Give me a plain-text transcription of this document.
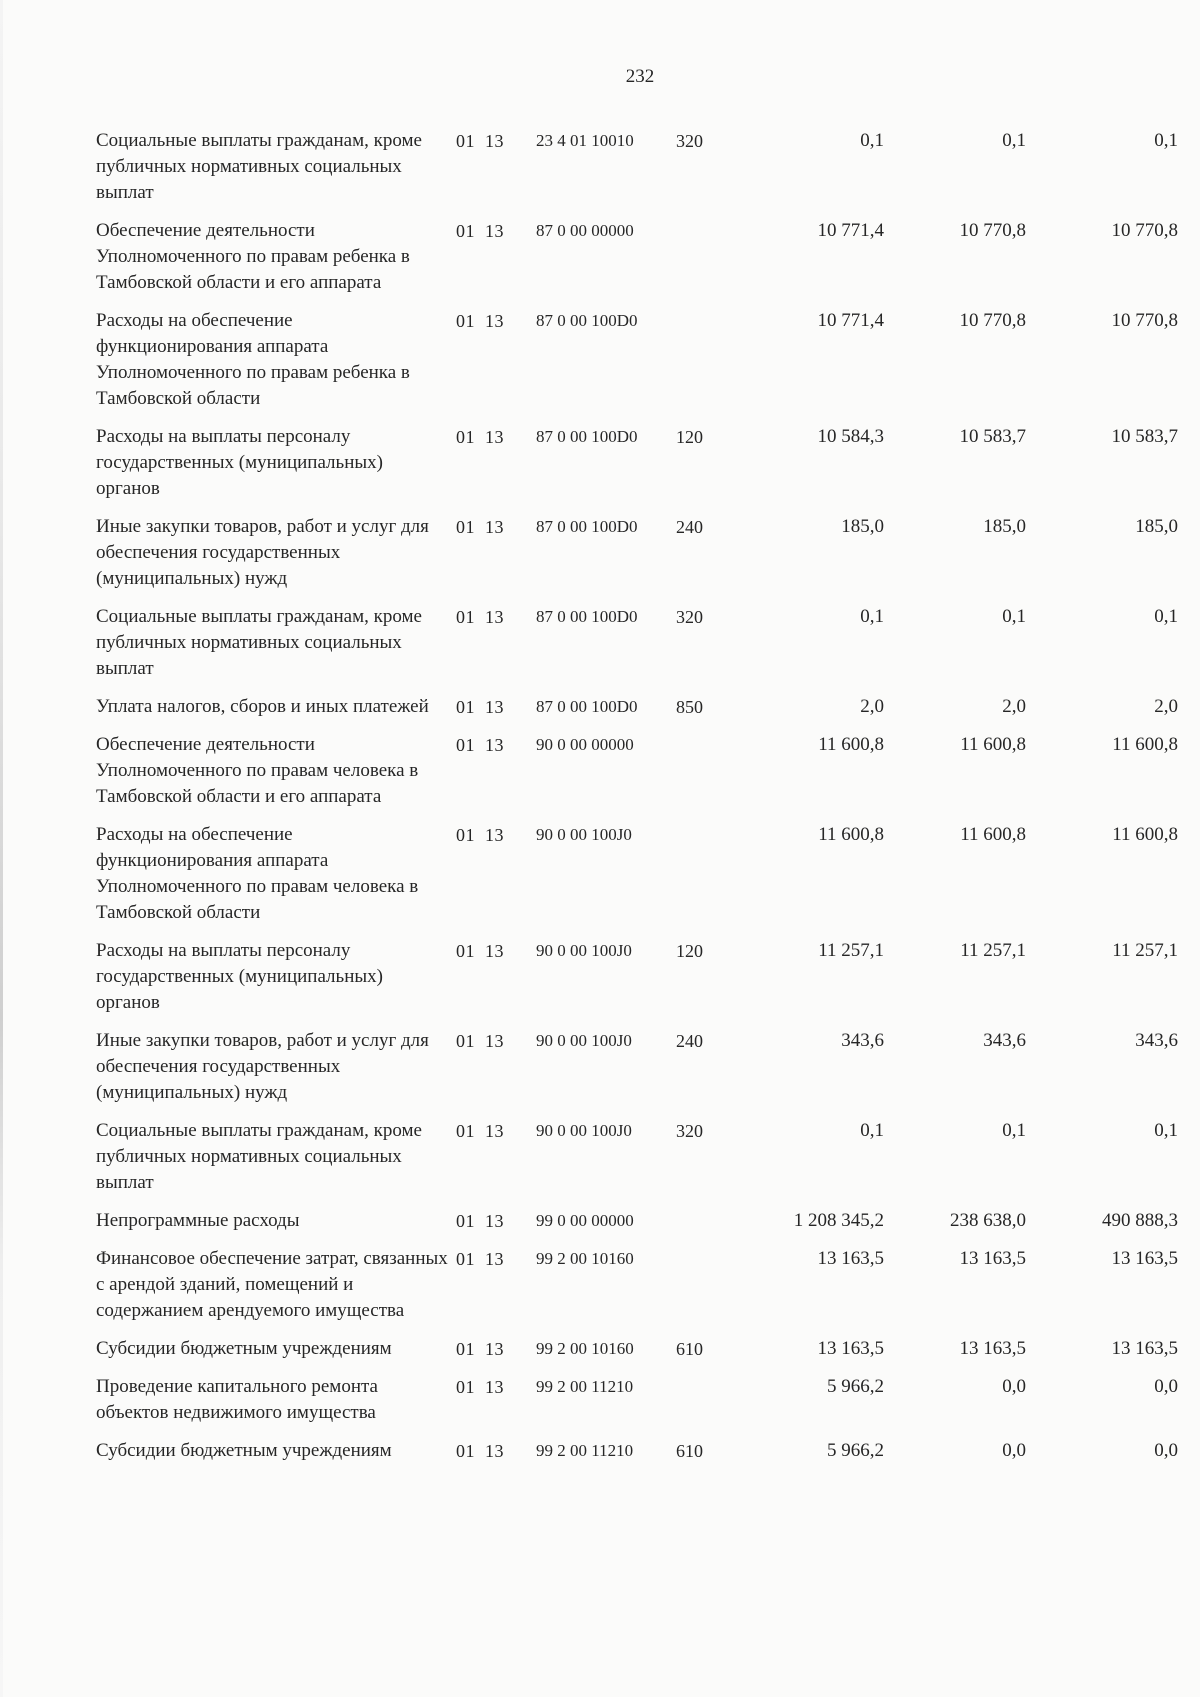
232
Социальные выплаты гражданам, кроме публичных нормативных социальных выплат
01  13	23 4 01 10010	320	0,1	0,1	0,1
Обеспечение деятельности Уполномоченного по правам ребенка в Тамбовской области и его аппарата
01  13	87 0 00 00000	10 771,4	10 770,8	10 770,8
Расходы на обеспечение функционирования аппарата Уполномоченного по правам ребенка в Тамбовской области
01  13	87 0 00 100D0	10 771,4	10 770,8	10 770,8
Расходы на выплаты персоналу государственных (муниципальных) органов
01  13	87 0 00 100D0	120	10 584,3	10 583,7	10 583,7
Иные закупки товаров, работ и услуг для обеспечения государственных (муниципальных) нужд
01  13	87 0 00 100D0	240	185,0	185,0	185,0
Социальные выплаты гражданам, кроме публичных нормативных социальных выплат
01  13	87 0 00 100D0	320	0,1	0,1	0,1
Уплата налогов, сборов и иных платежей	01  13	87 0 00 100D0	850	2,0	2,0	2,0
Обеспечение деятельности Уполномоченного по правам человека в Тамбовской области и его аппарата
01  13	90 0 00 00000	11 600,8	11 600,8	11 600,8
Расходы на обеспечение функционирования аппарата Уполномоченного по правам человека в Тамбовской области
01  13	90 0 00 100J0	11 600,8	11 600,8	11 600,8
Расходы на выплаты персоналу государственных (муниципальных) органов
01  13	90 0 00 100J0	120	11 257,1	11 257,1	11 257,1
Иные закупки товаров, работ и услуг для обеспечения государственных (муниципальных) нужд
01  13	90 0 00 100J0	240	343,6	343,6	343,6
Социальные выплаты гражданам, кроме публичных нормативных социальных выплат
01  13	90 0 00 100J0	320	0,1	0,1	0,1
Непрограммные расходы	01  13	99 0 00 00000	1 208 345,2	238 638,0	490 888,3
Финансовое обеспечение затрат, связанных с арендой зданий, помещений и содержанием арендуемого имущества
01  13	99 2 00 10160	13 163,5	13 163,5	13 163,5
Субсидии бюджетным учреждениям	01  13	99 2 00 10160	610	13 163,5	13 163,5	13 163,5
Проведение капитального ремонта объектов недвижимого имущества
01  13	99 2 00 11210	5 966,2	0,0	0,0
Субсидии бюджетным учреждениям	01  13	99 2 00 11210	610	5 966,2	0,0	0,0
